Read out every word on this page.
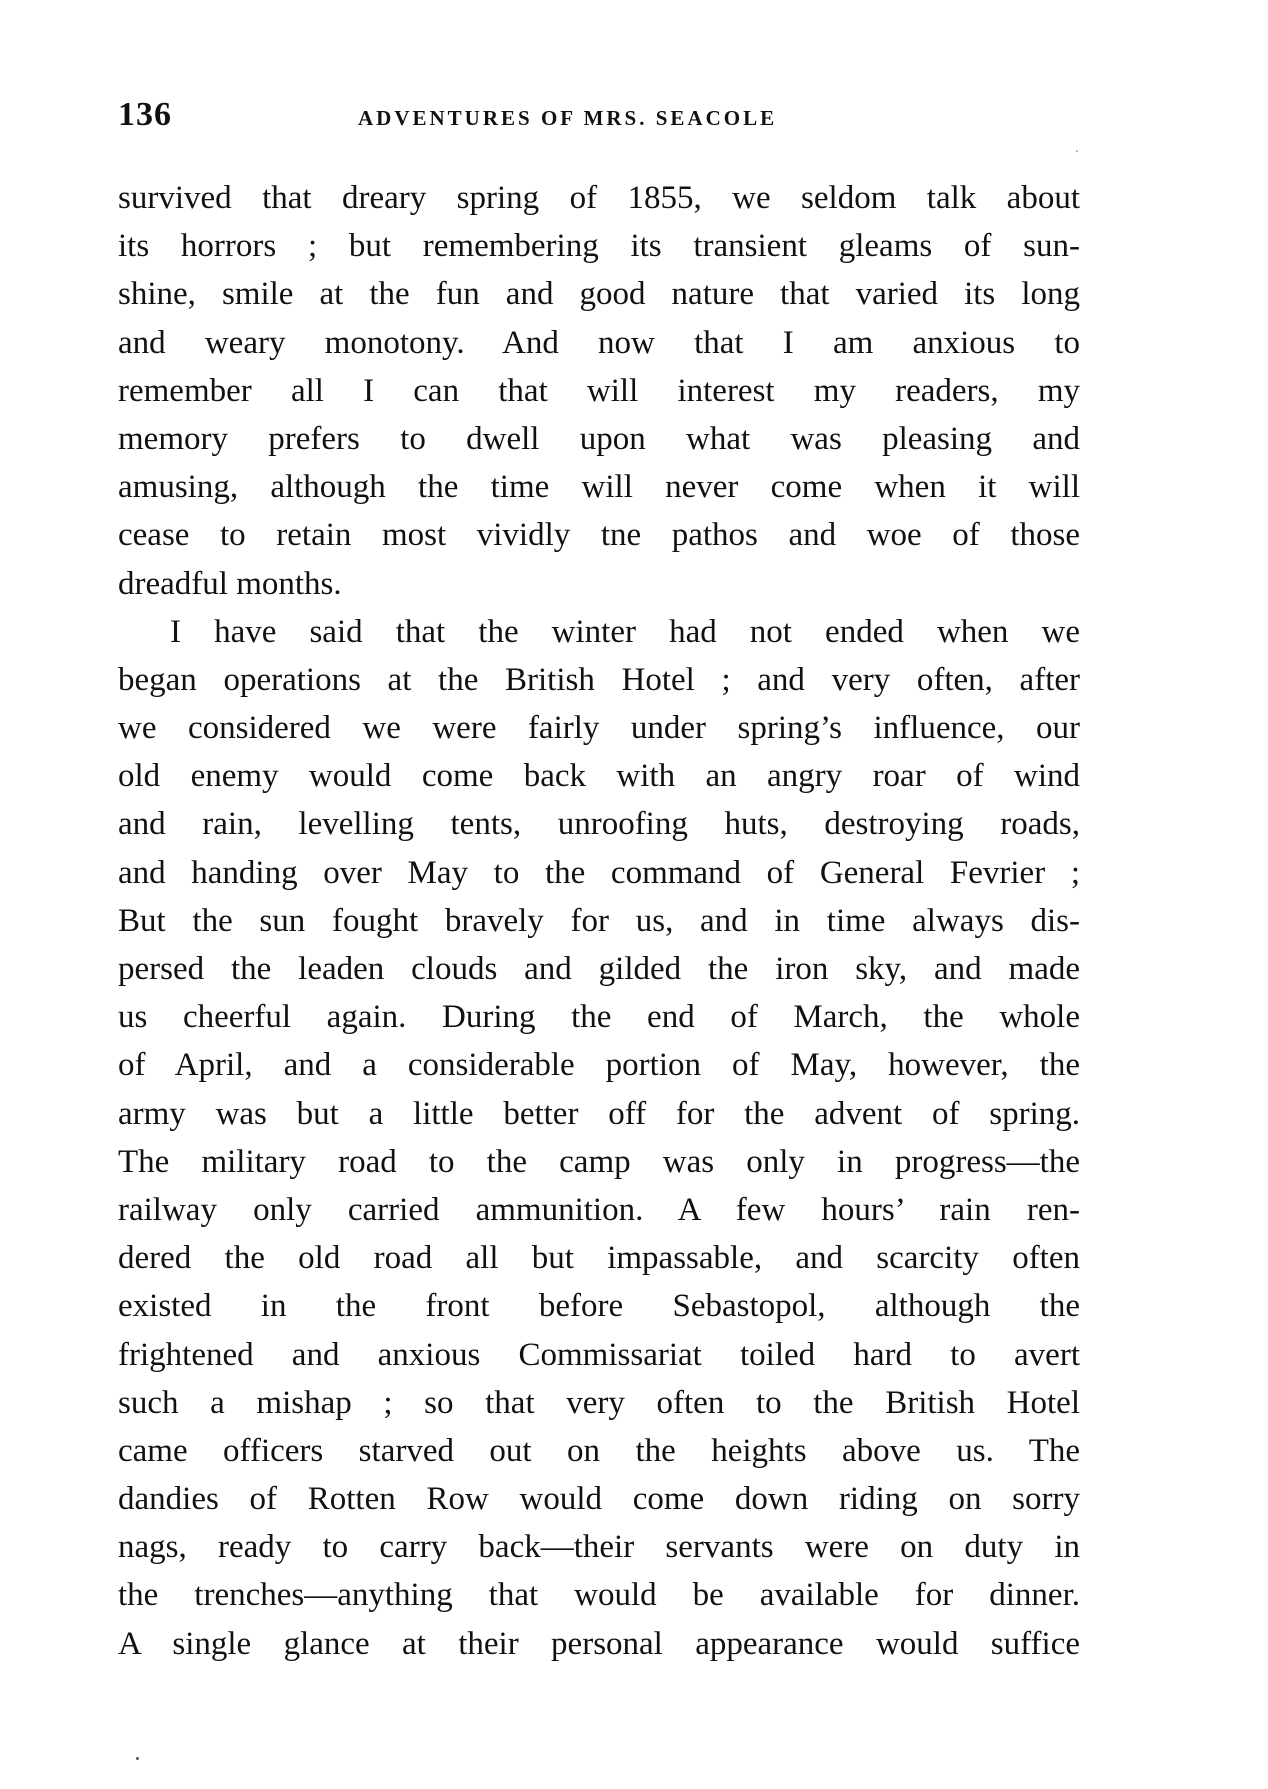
136	ADVENTURES OF MRS. SEACOLE
survived that dreary spring of 1855, we seldom talk about
its horrors ; but remembering its transient gleams of sun-
shine, smile at the fun and good nature that varied its long
and weary monotony. And now that I am anxious to
remember all I can that will interest my readers, my
memory prefers to dwell upon what was pleasing and
amusing, although the time will never come when it will
cease to retain most vividly tne pathos and woe of those
dreadful months.
I have said that the winter had not ended when we
began operations at the British Hotel ; and very often, after
we considered we were fairly under spring’s influence, our
old enemy would come back with an angry roar of wind
and rain, levelling tents, unroofing huts, destroying roads,
and handing over May to the command of General Fevrier ;
But the sun fought bravely for us, and in time always dis-
persed the leaden clouds and gilded the iron sky, and made
us cheerful again. During the end of March, the whole
of April, and a considerable portion of May, however, the
army was but a little better off for the advent of spring.
The military road to the camp was only in progress—the
railway only carried ammunition. A few hours’ rain ren-
dered the old road all but impassable, and scarcity often
existed in the front before Sebastopol, although the
frightened and anxious Commissariat toiled hard to avert
such a mishap ; so that very often to the British Hotel
came officers starved out on the heights above us. The
dandies of Rotten Row would come down riding on sorry
nags, ready to carry back—their servants were on duty in
the trenches—anything that would be available for dinner.
A single glance at their personal appearance would suffice
